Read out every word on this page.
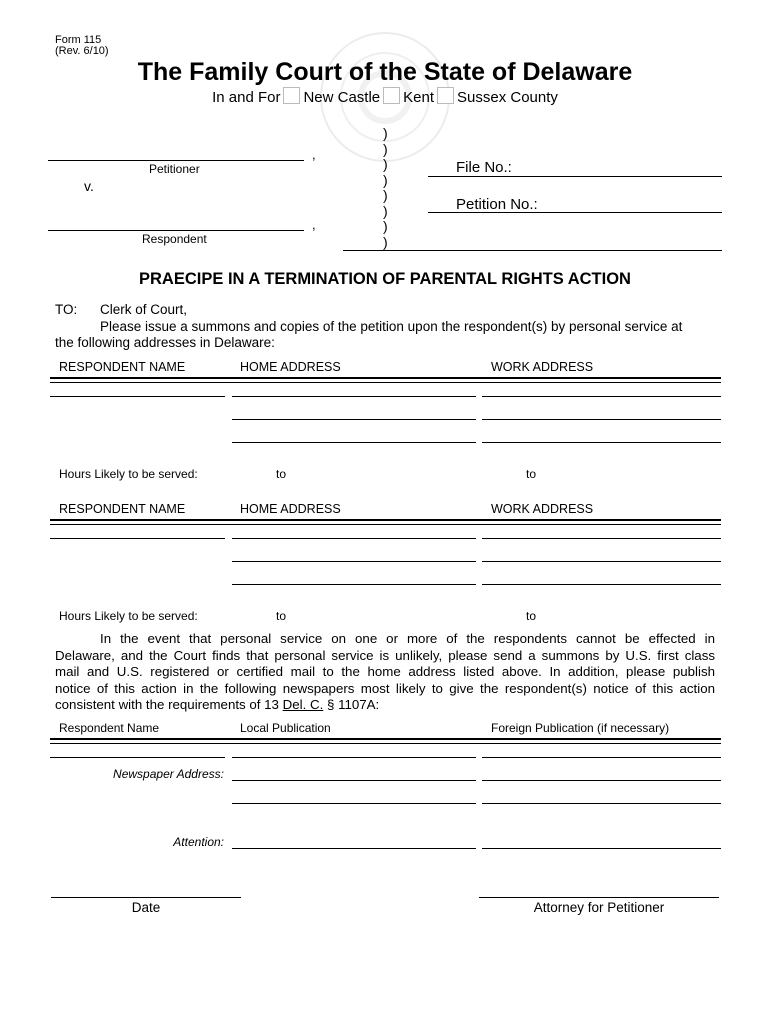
Form 115
(Rev. 6/10)
The Family Court of the State of Delaware
In and For New Castle Kent Sussex County
,
Petitioner
v.
,
Respondent
)
)
)
)
)
)
)
)
File No.:
Petition No.:
PRAECIPE IN A TERMINATION OF PARENTAL RIGHTS ACTION
TO: Clerk of Court,
Please issue a summons and copies of the petition upon the respondent(s) by personal service at
the following addresses in Delaware:
RESPONDENT NAME	HOME ADDRESS	WORK ADDRESS
Hours Likely to be served:	to	to
RESPONDENT NAME	HOME ADDRESS	WORK ADDRESS
Hours Likely to be served:	to	to
In the event that personal service on one or more of the respondents cannot be effected in
Delaware, and the Court finds that personal service is unlikely, please send a summons by U.S. first class
mail and U.S. registered or certified mail to the home address listed above. In addition, please publish
notice of this action in the following newspapers most likely to give the respondent(s) notice of this action
consistent with the requirements of 13 Del. C. § 1107A:
Respondent Name	Local Publication	Foreign Publication (if necessary)
Newspaper Address:
Attention:
Date	Attorney for Petitioner
